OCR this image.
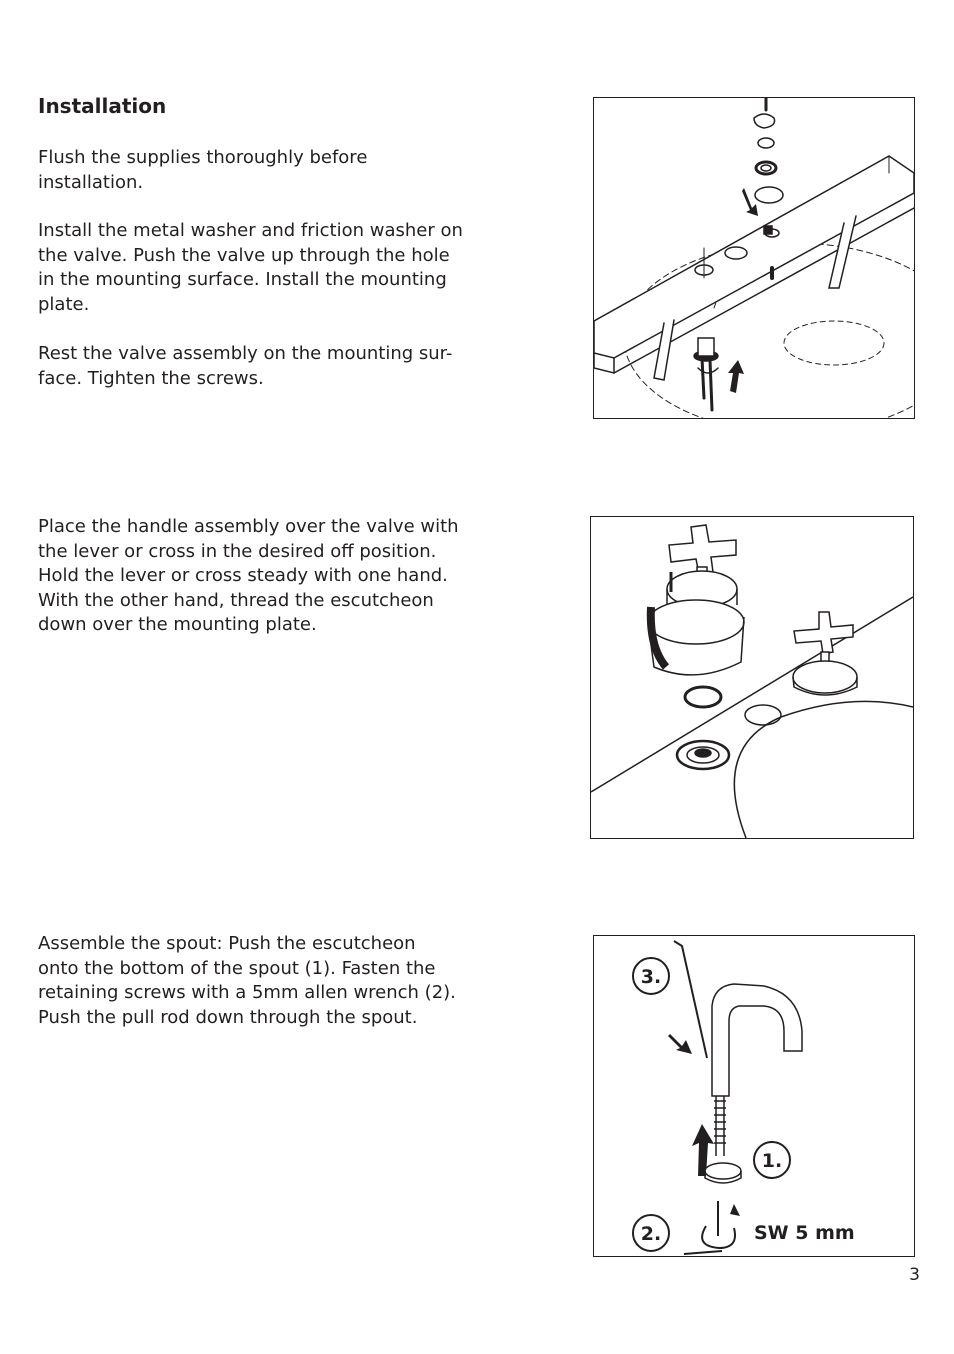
Installation

Flush the supplies thoroughly before
installation.

Install the metal washer and friction washer on
the valve. Push the valve up through the hole
in the mounting surface. Install the mounting
plate.

Rest the valve assembly on the mounting sur-
face. Tighten the screws.

Place the handle assembly over the valve with
the lever or cross in the desired off position.
Hold the lever or cross steady with one hand.
With the other hand, thread the escutcheon
down over the mounting plate.

Assemble the spout: Push the escutcheon
onto the bottom of the spout (1). Fasten the
retaining screws with a 5mm allen wrench (2).
Push the pull rod down through the spout.

3.
1.
2.	SW 5 mm
3
